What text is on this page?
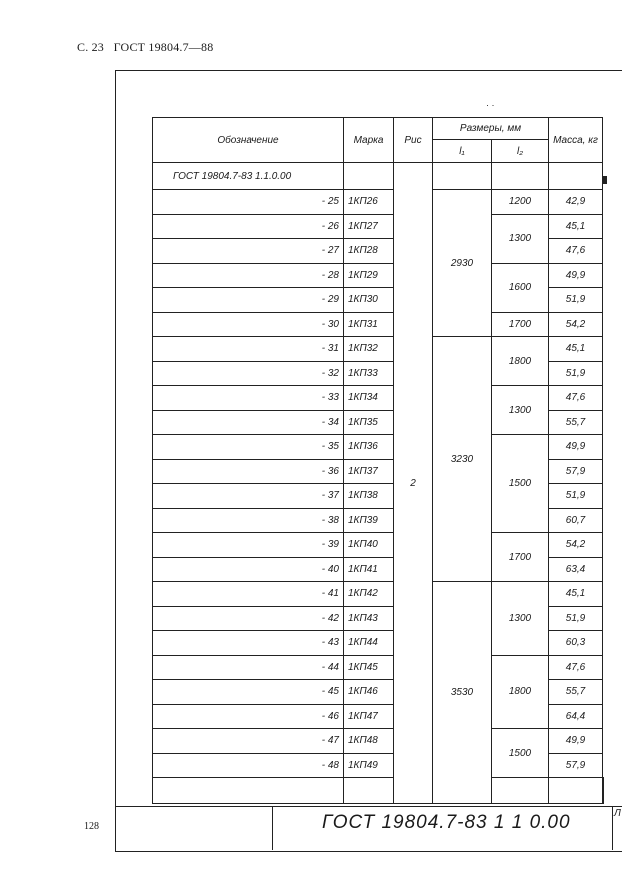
С. 23 ГОСТ 19804.7—88
· ·
Обозначение	Марка	Рис	Размеры, мм		Масса, кг	
			l₁	l₂		
ГОСТ 19804.7-83 1.1.0.00		2				
- 25	1КП26		2930	1200	42,9	
- 26	1КП27			1300	45,1	
- 27	1КП28				47,6	
- 28	1КП29			1600	49,9	
- 29	1КП30				51,9	
- 30	1КП31			1700	54,2	
- 31	1КП32		3230	1800	45,1	
- 32	1КП33				51,9	
- 33	1КП34			1300	47,6	
- 34	1КП35				55,7	
- 35	1КП36			1500	49,9	
- 36	1КП37				57,9	
- 37	1КП38				51,9	
- 38	1КП39				60,7	
- 39	1КП40			1700	54,2	
- 40	1КП41				63,4	
- 41	1КП42		3530	1300	45,1	
- 42	1КП43				51,9	
- 43	1КП44				60,3	
- 44	1КП45			1800	47,6	
- 45	1КП46				55,7	
- 46	1КП47				64,4	
- 47	1КП48			1500	49,9	
- 48	1КП49				57,9	

ГОСТ 19804.7-83 1 1 0.00	Л
128
